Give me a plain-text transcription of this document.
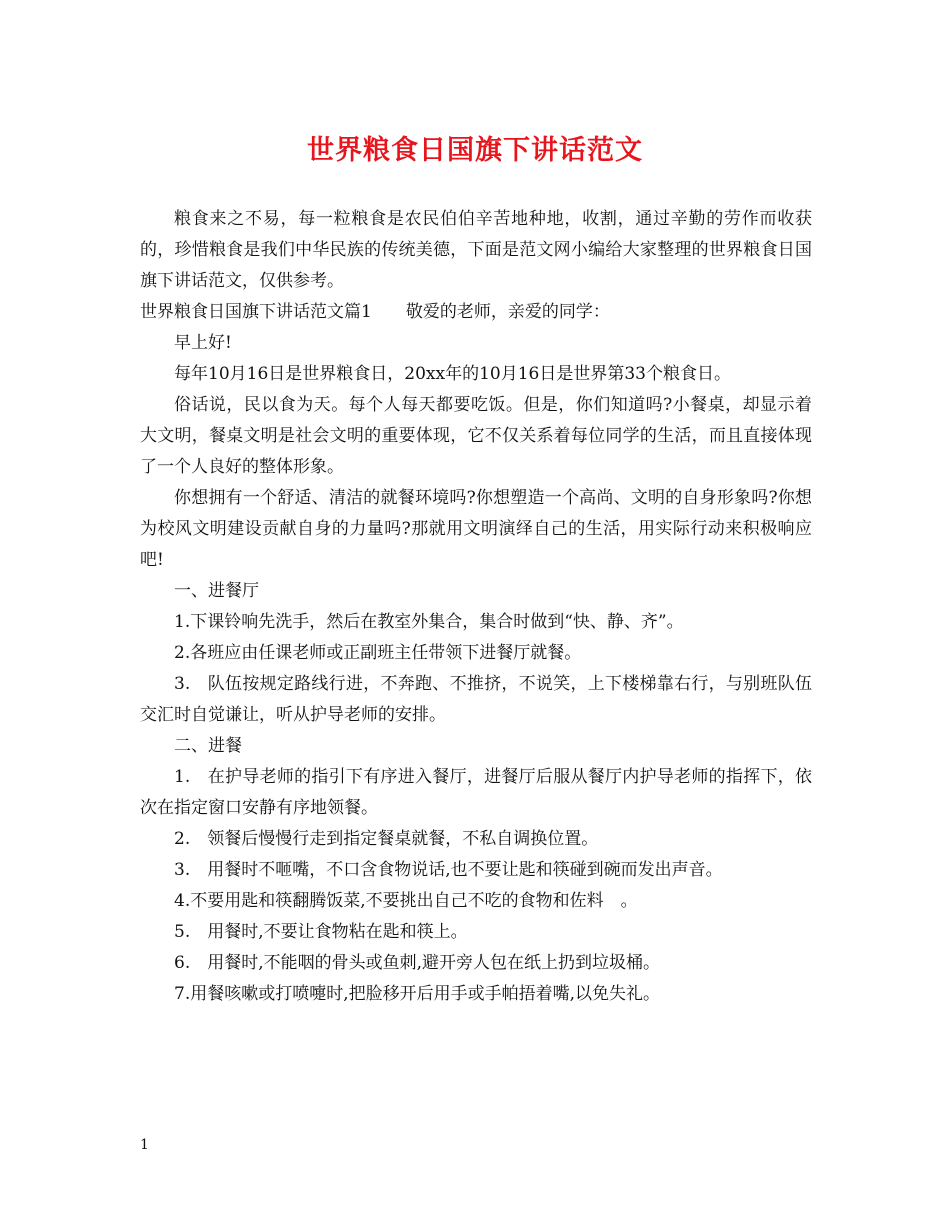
世界粮食日国旗下讲话范文

粮食来之不易，每一粒粮食是农民伯伯辛苦地种地，收割，通过辛勤的劳作而收获的，珍惜粮食是我们中华民族的传统美德，下面是范文网小编给大家整理的世界粮食日国旗下讲话范文，仅供参考。

世界粮食日国旗下讲话范文篇1　　敬爱的老师，亲爱的同学：

早上好!

每年10月16日是世界粮食日，20xx年的10月16日是世界第33个粮食日。

俗话说，民以食为天。每个人每天都要吃饭。但是，你们知道吗?小餐桌，却显示着大文明，餐桌文明是社会文明的重要体现，它不仅关系着每位同学的生活，而且直接体现了一个人良好的整体形象。

你想拥有一个舒适、清洁的就餐环境吗?你想塑造一个高尚、文明的自身形象吗?你想为校风文明建设贡献自身的力量吗?那就用文明演绎自己的生活，用实际行动来积极响应吧!

一、进餐厅

1.下课铃响先洗手，然后在教室外集合，集合时做到“快、静、齐”。

2.各班应由任课老师或正副班主任带领下进餐厅就餐。

3.　队伍按规定路线行进，不奔跑、不推挤，不说笑，上下楼梯靠右行，与别班队伍交汇时自觉谦让，听从护导老师的安排。

二、进餐

1.　在护导老师的指引下有序进入餐厅，进餐厅后服从餐厅内护导老师的指挥下，依次在指定窗口安静有序地领餐。

2.　领餐后慢慢行走到指定餐桌就餐，不私自调换位置。

3.　用餐时不咂嘴，不口含食物说话,也不要让匙和筷碰到碗而发出声音。

4.不要用匙和筷翻腾饭菜,不要挑出自己不吃的食物和佐料　。

5.　用餐时,不要让食物粘在匙和筷上。

6.　用餐时,不能咽的骨头或鱼刺,避开旁人包在纸上扔到垃圾桶。

7.用餐咳嗽或打喷嚏时,把脸移开后用手或手帕捂着嘴,以免失礼。

1
